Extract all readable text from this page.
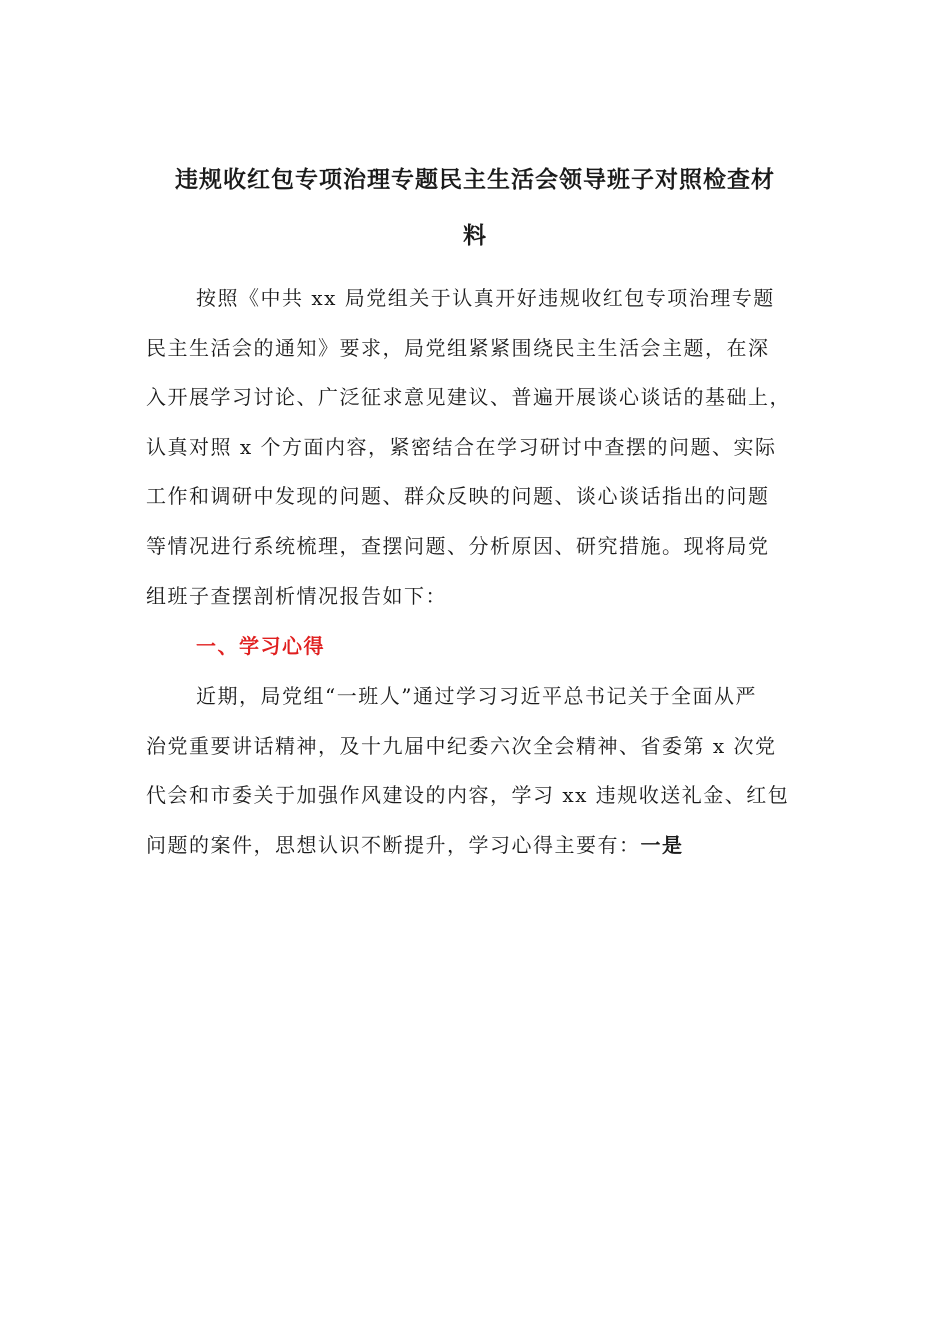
违规收红包专项治理专题民主生活会领导班子对照检查材
料
按照《中共 xx 局党组关于认真开好违规收红包专项治理专题
民主生活会的通知》要求，局党组紧紧围绕民主生活会主题，在深
入开展学习讨论、广泛征求意见建议、普遍开展谈心谈话的基础上，
认真对照 x 个方面内容，紧密结合在学习研讨中查摆的问题、实际
工作和调研中发现的问题、群众反映的问题、谈心谈话指出的问题
等情况进行系统梳理，查摆问题、分析原因、研究措施。现将局党
组班子查摆剖析情况报告如下：
一、学习心得
近期，局党组“一班人”通过学习习近平总书记关于全面从严
治党重要讲话精神，及十九届中纪委六次全会精神、省委第 x 次党
代会和市委关于加强作风建设的内容，学习 xx 违规收送礼金、红包
问题的案件，思想认识不断提升，学习心得主要有：一是
